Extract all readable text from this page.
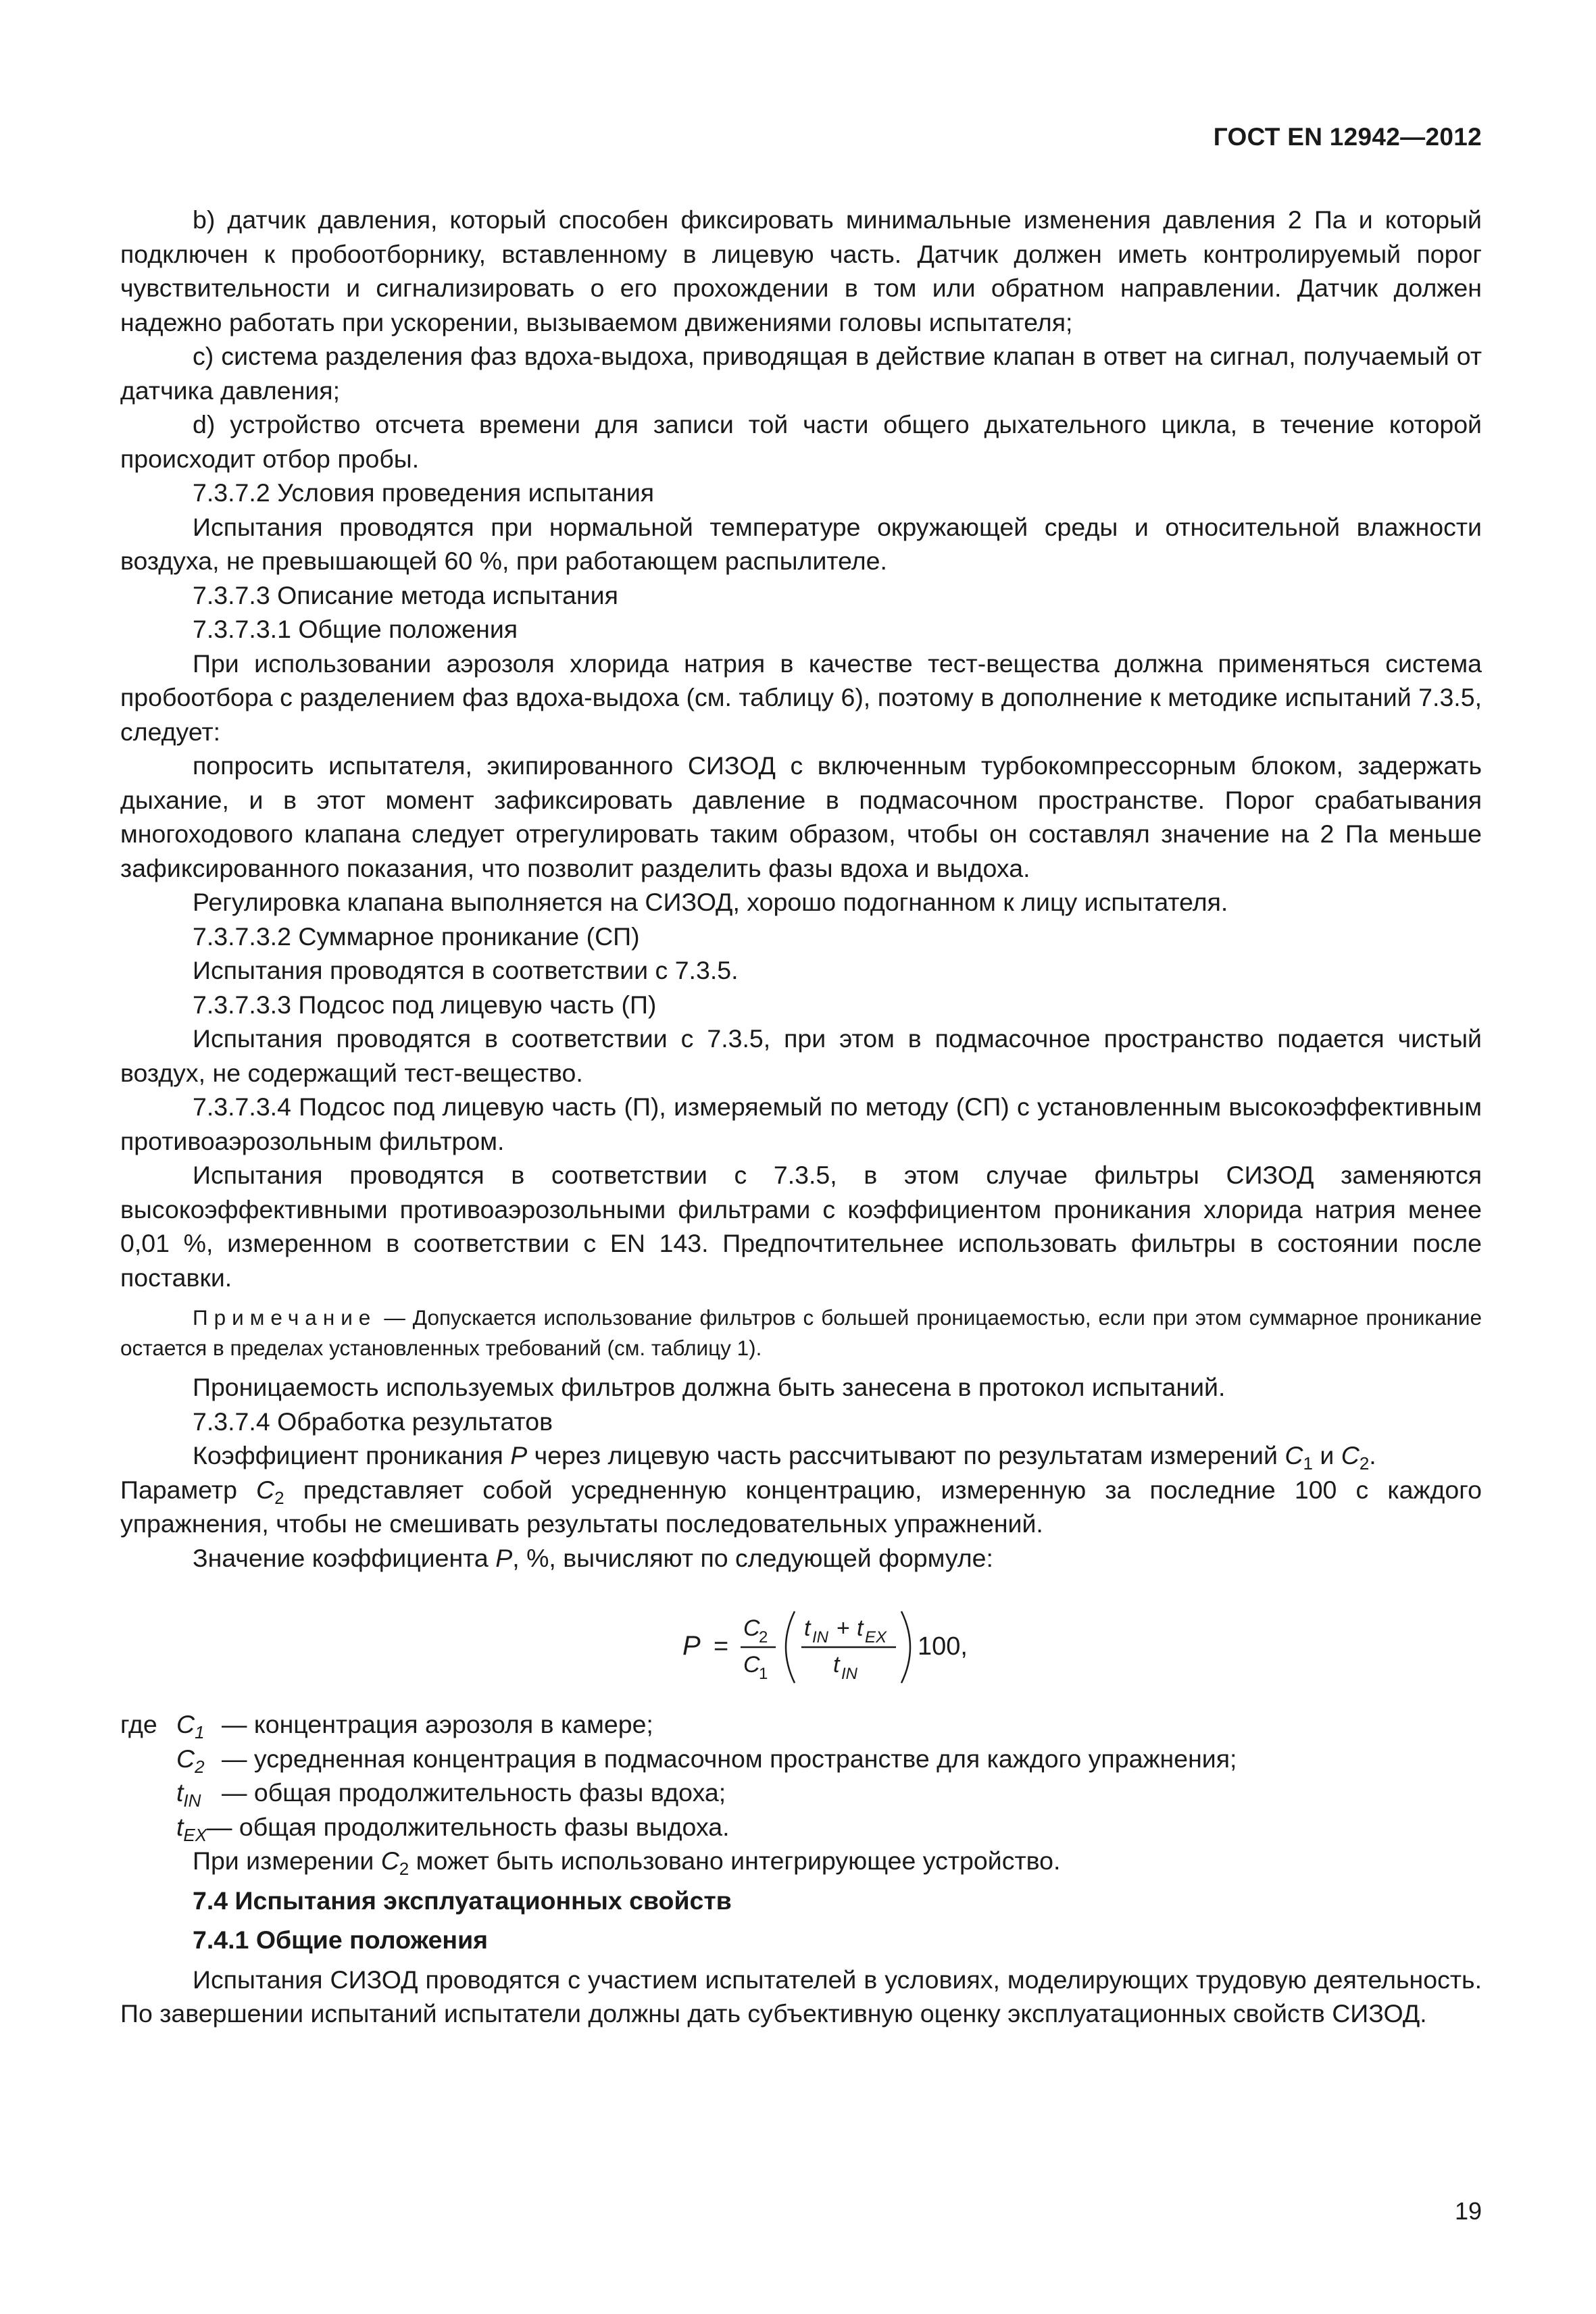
ГОСТ EN 12942—2012

b) датчик давления, который способен фиксировать минимальные изменения давления 2 Па и который подключен к пробоотборнику, вставленному в лицевую часть. Датчик должен иметь контролируемый порог чувствительности и сигнализировать о его прохождении в том или обратном направлении. Датчик должен надежно работать при ускорении, вызываемом движениями головы испытателя;

c) система разделения фаз вдоха-выдоха, приводящая в действие клапан в ответ на сигнал, получаемый от датчика давления;

d) устройство отсчета времени для записи той части общего дыхательного цикла, в течение которой происходит отбор пробы.

7.3.7.2 Условия проведения испытания

Испытания проводятся при нормальной температуре окружающей среды и относительной влажности воздуха, не превышающей 60 %, при работающем распылителе.

7.3.7.3 Описание метода испытания

7.3.7.3.1 Общие положения

При использовании аэрозоля хлорида натрия в качестве тест-вещества должна применяться система пробоотбора с разделением фаз вдоха-выдоха (см. таблицу 6), поэтому в дополнение к методике испытаний 7.3.5, следует:

попросить испытателя, экипированного СИЗОД с включенным турбокомпрессорным блоком, задержать дыхание, и в этот момент зафиксировать давление в подмасочном пространстве. Порог срабатывания многоходового клапана следует отрегулировать таким образом, чтобы он составлял значение на 2 Па меньше зафиксированного показания, что позволит разделить фазы вдоха и выдоха.

Регулировка клапана выполняется на СИЗОД, хорошо подогнанном к лицу испытателя.

7.3.7.3.2 Суммарное проникание (СП)

Испытания проводятся в соответствии с 7.3.5.

7.3.7.3.3 Подсос под лицевую часть (П)

Испытания проводятся в соответствии с 7.3.5, при этом в подмасочное пространство подается чистый воздух, не содержащий тест-вещество.

7.3.7.3.4 Подсос под лицевую часть (П), измеряемый по методу (СП) с установленным высокоэффективным противоаэрозольным фильтром.

Испытания проводятся в соответствии с 7.3.5, в этом случае фильтры СИЗОД заменяются высокоэффективными противоаэрозольными фильтрами с коэффициентом проникания хлорида натрия менее 0,01 %, измеренном в соответствии с EN 143. Предпочтительнее использовать фильтры в состоянии после поставки.

Примечание — Допускается использование фильтров с большей проницаемостью, если при этом суммарное проникание остается в пределах установленных требований (см. таблицу 1).

Проницаемость используемых фильтров должна быть занесена в протокол испытаний.

7.3.7.4 Обработка результатов

Коэффициент проникания P через лицевую часть рассчитывают по результатам измерений $C_1$ и $C_2$.

Параметр $C_2$ представляет собой усредненную концентрацию, измеренную за последние 100 с каждого упражнения, чтобы не смешивать результаты последовательных упражнений.

Значение коэффициента P, %, вычисляют по следующей формуле:

P =
C
2
C
1
t IN + t EX
t IN
100,
где $C_1$ — концентрация аэрозоля в камере;
$C_2$ — усредненная концентрация в подмасочном пространстве для каждого упражнения;
$t_{IN}$ — общая продолжительность фазы вдоха;
$t_{EX}$ — общая продолжительность фазы выдоха.

При измерении $C_2$ может быть использовано интегрирующее устройство.

7.4 Испытания эксплуатационных свойств

7.4.1 Общие положения

Испытания СИЗОД проводятся с участием испытателей в условиях, моделирующих трудовую деятельность. По завершении испытаний испытатели должны дать субъективную оценку эксплуатационных свойств СИЗОД.

19
